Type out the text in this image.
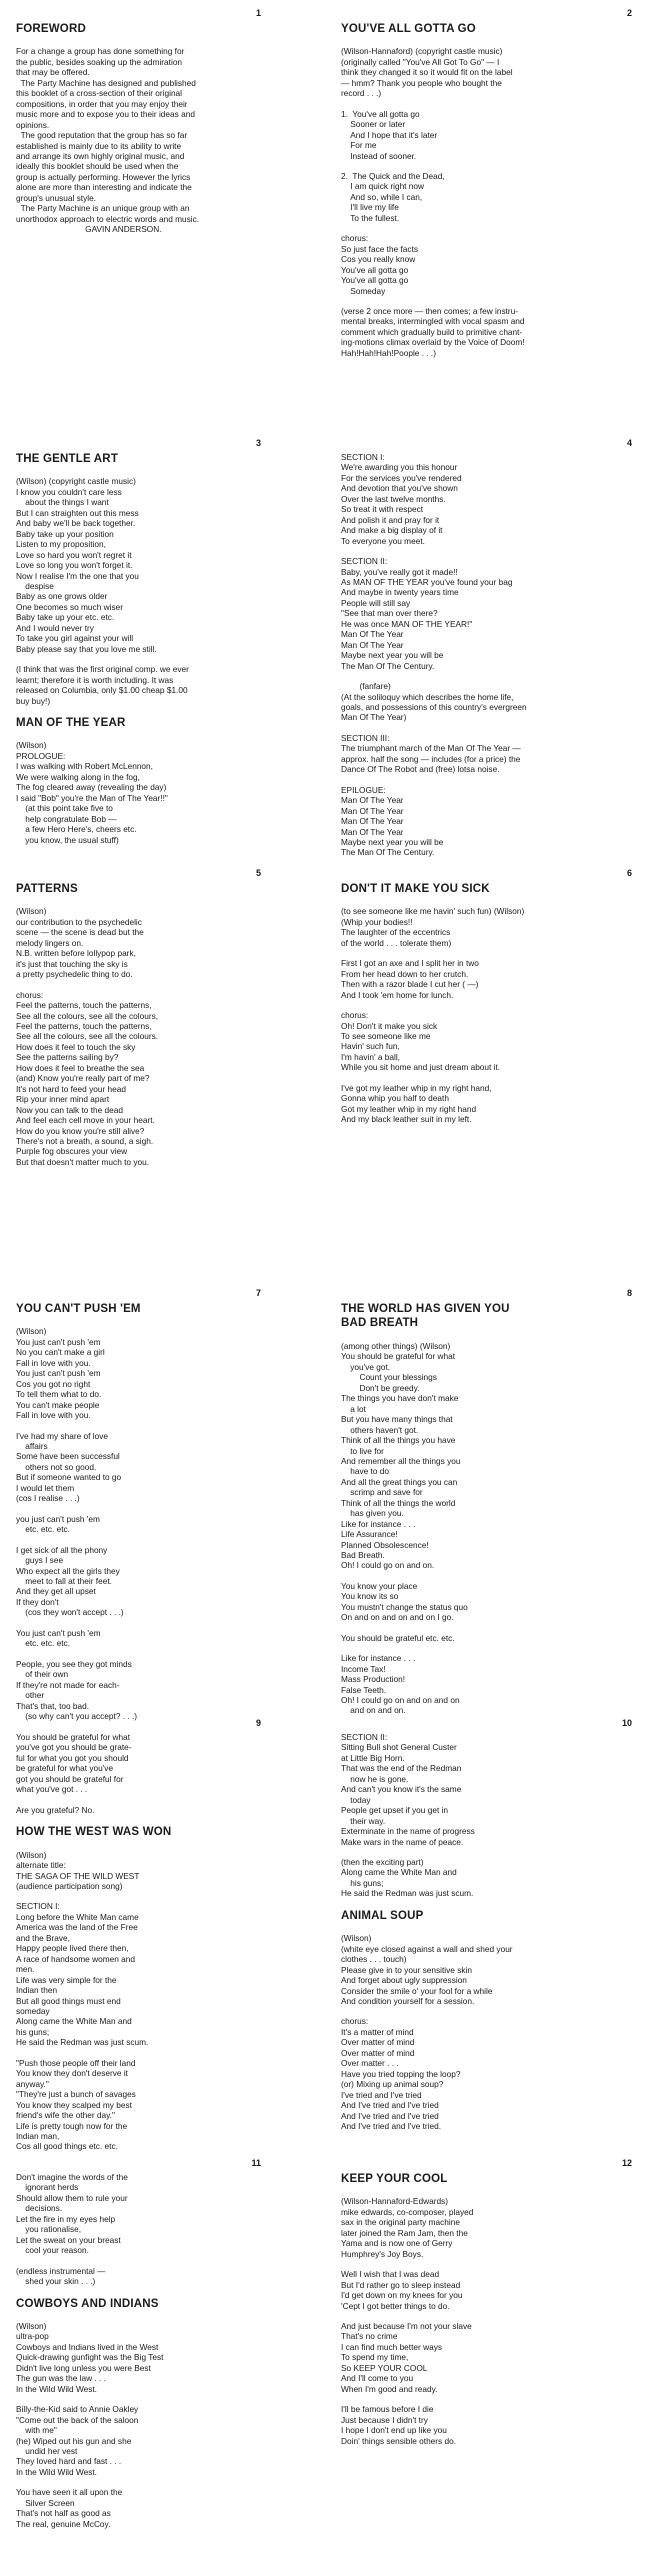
1
FOREWORD
For a change a group has done something for
the public, besides soaking up the admiration
that may be offered.
The Party Machine has designed and published
this booklet of a cross-section of their original
compositions, in order that you may enjoy their
music more and to expose you to their ideas and
opinions.
The good reputation that the group has so far
established is mainly due to its ability to write
and arrange its own highly original music, and
ideally this booklet should be used when the
group is actually performing. However the lyrics
alone are more than interesting and indicate the
group's unusual style.
The Party Machine is an unique group with an
unorthodox approach to electric words and music.
GAVIN ANDERSON.
2
YOU'VE ALL GOTTA GO
(Wilson-Hannaford) (copyright castle music)
(originally called "You've All Got To Go" — I
think they changed it so it would fit on the label
— hmm? Thank you people who bought the
record . . .)
1.  You've all gotta go
Sooner or later
And I hope that it's later
For me
Instead of sooner.
2.  The Quick and the Dead,
I am quick right now
And so, while I can,
I'll live my life
To the fullest.
chorus:
So just face the facts
Cos you really know
You've all gotta go
You've all gotta go
Someday
(verse 2 once more — then comes; a few instru-
mental breaks, intermingled with vocal spasm and
comment which gradually build to primitive chant-
ing-motions climax overlaid by the Voice of Doom!
Hah!Hah!Hah!Poople . . .)
3
THE GENTLE ART
(Wilson) (copyright castle music)
I know you couldn't care less
about the things I want
But I can straighten out this mess
And baby we'll be back together.
Baby take up your position
Listen to my proposition,
Love so hard you won't regret it
Love so long you won't forget it.
Now I realise I'm the one that you
despise
Baby as one grows older
One becomes so much wiser
Baby take up your etc. etc.
And I would never try
To take you girl against your will
Baby please say that you love me still.
(I think that was the first original comp. we ever
learnt; therefore it is worth including. It was
released on Columbia, only $1.00 cheap $1.00
buy buy!)
MAN OF THE YEAR
(Wilson)
PROLOGUE:
I was walking with Robert McLennon,
We were walking along in the fog,
The fog cleared away (revealing the day)
I said "Bob" you're the Man of The Year!!"
(at this point take five to
help congratulate Bob —
a few Hero Here's, cheers etc.
you know, the usual stuff)
4
SECTION I:
We're awarding you this honour
For the services you've rendered
And devotion that you've shown
Over the last twelve months.
So treat it with respect
And polish it and pray for it
And make a big display of it
To everyone you meet.
SECTION II:
Baby, you've really got it made!!
As MAN OF THE YEAR you've found your bag
And maybe in twenty years time
People will still say
"See that man over there?
He was once MAN OF THE YEAR!"
Man Of The Year
Man Of The Year
Maybe next year you will be
The Man Of The Century.
(fanfare)
(At the soliloquy which describes the home life,
goals, and possessions of this country's evergreen
Man Of The Year)
SECTION III:
The triumphant march of the Man Of The Year —
approx. half the song — includes (for a price) the
Dance Of The Robot and (free) lotsa noise.
EPILOGUE:
Man Of The Year
Man Of The Year
Man Of The Year
Man Of The Year
Maybe next year you will be
The Man Of The Century.
5
PATTERNS
(Wilson)
our contribution to the psychedelic
scene — the scene is dead but the
melody lingers on.
N.B. written before lollypop park,
it's just that touching the sky is
a pretty psychedelic thing to do.
chorus:
Feel the patterns, touch the patterns,
See all the colours, see all the colours,
Feel the patterns, touch the patterns,
See all the colours, see all the colours.
How does it feel to touch the sky
See the patterns sailing by?
How does it feel to breathe the sea
(and) Know you're really part of me?
It's not hard to feed your head
Rip your inner mind apart
Now you can talk to the dead
And feel each cell move in your heart.
How do you know you're still alive?
There's not a breath, a sound, a sigh.
Purple fog obscures your view
But that doesn't matter much to you.
6
DON'T IT MAKE YOU SICK
(to see someone like me havin' such fun) (Wilson)
(Whip your bodies!!
The laughter of the eccentrics
of the world . . . tolerate them)
First I got an axe and I split her in two
From her head down to her crutch.
Then with a razor blade I cut her ( —)
And I took 'em home for lunch.
chorus:
Oh! Don't it make you sick
To see someone like me
Havin' such fun,
I'm havin' a ball,
While you sit home and just dream about it.
I've got my leather whip in my right hand,
Gonna whip you half to death
Got my leather whip in my right hand
And my black leather suit in my left.
7
YOU CAN'T PUSH 'EM
(Wilson)
You just can't push 'em
No you can't make a girl
Fall in love with you.
You just can't push 'em
Cos you got no right
To tell them what to do.
You can't make people
Fall in love with you.
I've had my share of love
affairs
Some have been successful
others not so good.
But if someone wanted to go
I would let them
(cos I realise . . .)
you just can't push 'em
etc. etc. etc.
I get sick of all the phony
guys I see
Who expect all the girls they
meet to fall at their feet.
And they get all upset
If they don't
(cos they won't accept . . .)
You just can't push 'em
etc. etc. etc.
People, you see they got minds
of their own
If they're not made for each-
other
That's that, too bad.
(so why can't you accept? . . .)
8
THE WORLD HAS GIVEN YOU
BAD BREATH
(among other things) (Wilson)
You should be grateful for what
you've got.
Count your blessings
Don't be greedy.
The things you have don't make
a lot
But you have many things that
others haven't got.
Think of all the things you have
to live for
And remember all the things you
have to do
And all the great things you can
scrimp and save for
Think of all the things the world
has given you.
Like for instance . . .
Life Assurance!
Planned Obsolescence!
Bad Breath.
Oh! I could go on and on.
You know your place
You know its so
You mustn't change the status quo
On and on and on and on I go.
You should be grateful etc. etc.
Like for instance . . .
Income Tax!
Mass Production!
False Teeth.
Oh! I could go on and on and on
and on and on.
9
You should be grateful for what
you've got you should be grate-
ful for what you got you should
be grateful for what you've
got you should be grateful for
what you've got . . .
Are you grateful? No.
HOW THE WEST WAS WON
(Wilson)
alternate title:
THE SAGA OF THE WILD WEST
(audience participation song)
SECTION I:
Long before the White Man came
America was the land of the Free
and the Brave,
Happy people lived there then,
A race of handsome women and
men.
Life was very simple for the
Indian then
But all good things must end
someday
Along came the White Man and
his guns;
He said the Redman was just scum.
"Push those people off their land
You know they don't deserve it
anyway."
"They're just a bunch of savages
You know they scalped my best
friend's wife the other day."
Life is pretty tough now for the
Indian man,
Cos all good things etc. etc.
10
SECTION II:
Sitting Bull shot General Custer
at Little Big Horn.
That was the end of the Redman
now he is gone.
And can't you know it's the same
today
People get upset if you get in
their way.
Exterminate in the name of progress
Make wars in the name of peace.
(then the exciting part)
Along came the White Man and
his guns;
He said the Redman was just scum.
ANIMAL SOUP
(Wilson)
(white eye closed against a wall and shed your
clothes . . . touch)
Please give in to your sensitive skin
And forget about ugly suppression
Consider the smile o' your fool for a while
And condition yourself for a session.
chorus:
It's a matter of mind
Over matter of mind
Over matter of mind
Over matter . . .
Have you tried topping the loop?
(or) Mixing up animal soup?
I've tried and I've tried
And I've tried and I've tried
And I've tried and I've tried
And I've tried and I've tried.
11
Don't imagine the words of the
ignorant herds
Should allow them to rule your
decisions.
Let the fire in my eyes help
you rationalise,
Let the sweat on your breast
cool your reason.
(endless instrumental —
shed your skin . . .)
COWBOYS AND INDIANS
(Wilson)
ultra-pop
Cowboys and Indians lived in the West
Quick-drawing gunfight was the Big Test
Didn't live long unless you were Best
The gun was the law . . .
In the Wild Wild West.
Billy-the-Kid said to Annie Oakley
"Come out the back of the saloon
with me"
(he) Wiped out his gun and she
undid her vest
They loved hard and fast . . .
In the Wild Wild West.
You have seen it all upon the
Silver Screen
That's not half as good as
The real, genuine McCoy.
12
KEEP YOUR COOL
(Wilson-Hannaford-Edwards)
mike edwards, co-composer, played
sax in the original party machine
later joined the Ram Jam, then the
Yama and is now one of Gerry
Humphrey's Joy Boys.
Well I wish that I was dead
But I'd rather go to sleep instead
I'd get down on my knees for you
'Cept I got better things to do.
And just because I'm not your slave
That's no crime
I can find much better ways
To spend my time,
So KEEP YOUR COOL
And I'll come to you
When I'm good and ready.
I'll be famous before I die
Just because I didn't try
I hope I don't end up like you
Doin' things sensible others do.
